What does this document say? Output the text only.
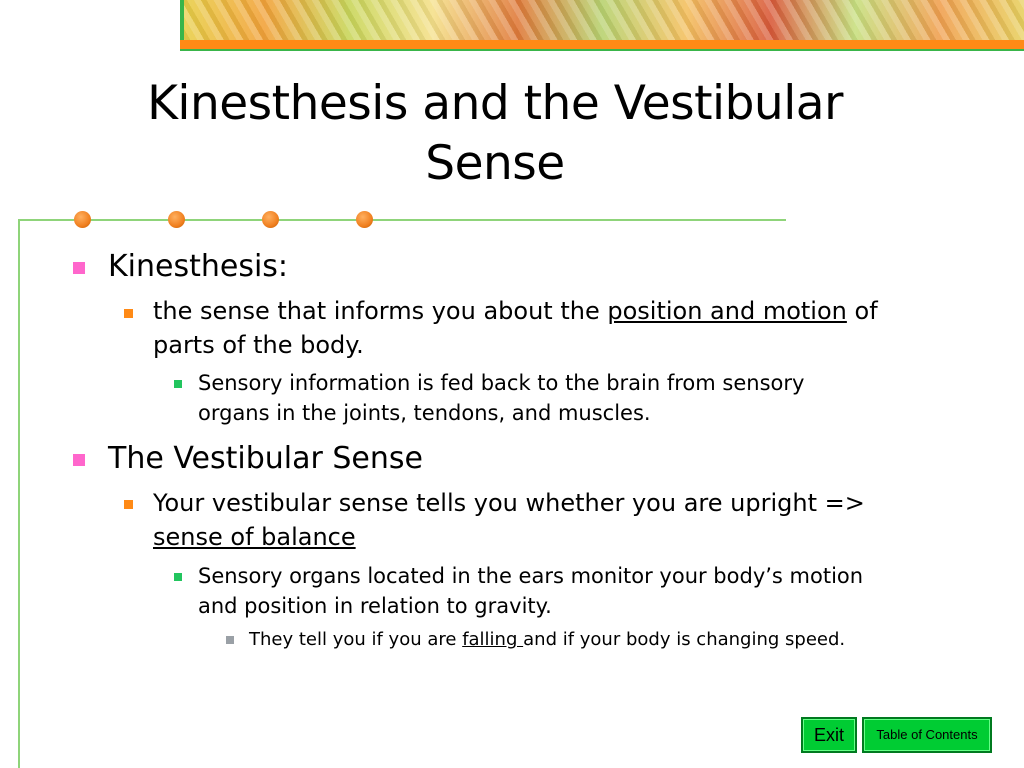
Kinesthesis and the Vestibular
Sense
Kinesthesis:
the sense that informs you about the position and motion of
parts of the body.
Sensory information is fed back to the brain from sensory
organs in the joints, tendons, and muscles.
The Vestibular Sense
Your vestibular sense tells you whether you are upright =>
sense of balance
Sensory organs located in the ears monitor your body’s motion
and position in relation to gravity.
They tell you if you are falling and if your body is changing speed.
Exit	Table of Contents
